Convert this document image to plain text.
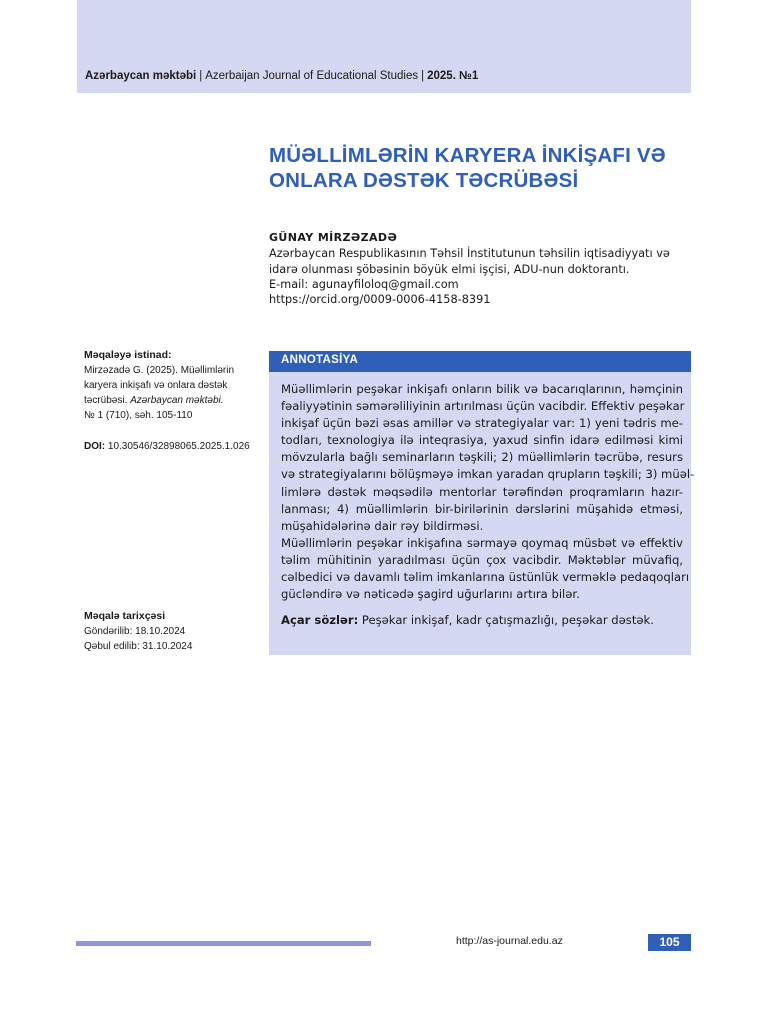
Azərbaycan məktəbi | Azerbaijan Journal of Educational Studies | 2025. №1
MÜƏLLİMLƏRİN KARYERA İNKİŞAFI VƏ
ONLARA DƏSTƏK TƏCRÜBƏSİ
GÜNAY MİRZƏZADƏ
Azərbaycan Respublikasının Təhsil İnstitutunun təhsilin iqtisadiyyatı və
idarə olunması şöbəsinin böyük elmi işçisi, ADU-nun doktorantı.
E-mail: agunayfiloloq@gmail.com
https://orcid.org/0009-0006-4158-8391
Məqaləyə istinad:
Mirzəzadə G. (2025). Müəllimlərin
karyera inkişafı və onlara dəstək
təcrübəsi. Azərbaycan məktəbi.
№ 1 (710), səh. 105-110
DOI: 10.30546/32898065.2025.1.026
Məqalə tarixçəsi
Göndərilib: 18.10.2024
Qəbul edilib: 31.10.2024
ANNOTASİYA
Müəllimlərin peşəkar inkişafı onların bilik və bacarıqlarının, həmçinin
fəaliyyətinin səmərəliliyinin artırılması üçün vacibdir. Effektiv peşəkar
inkişaf üçün bəzi əsas amillər və strategiyalar var: 1) yeni tədris me-
todları, texnologiya ilə inteqrasiya, yaxud sinfin idarə edilməsi kimi
mövzularla bağlı seminarların təşkili; 2) müəllimlərin təcrübə, resurs
və strategiyalarını bölüşməyə imkan yaradan qrupların təşkili; 3) müəl-
limlərə dəstək məqsədilə mentorlar tərəfindən proqramların hazır-
lanması; 4) müəllimlərin bir-birilərinin dərslərini müşahidə etməsi,
müşahidələrinə dair rəy bildirməsi.
Müəllimlərin peşəkar inkişafına sərmayə qoymaq müsbət və effektiv
təlim mühitinin yaradılması üçün çox vacibdir. Məktəblər müvafiq,
cəlbedici və davamlı təlim imkanlarına üstünlük verməklə pedaqoqları
gücləndirə və nəticədə şagird uğurlarını artıra bilər.
Açar sözlər: Peşəkar inkişaf, kadr çatışmazlığı, peşəkar dəstək.
http://as-journal.edu.az	105
